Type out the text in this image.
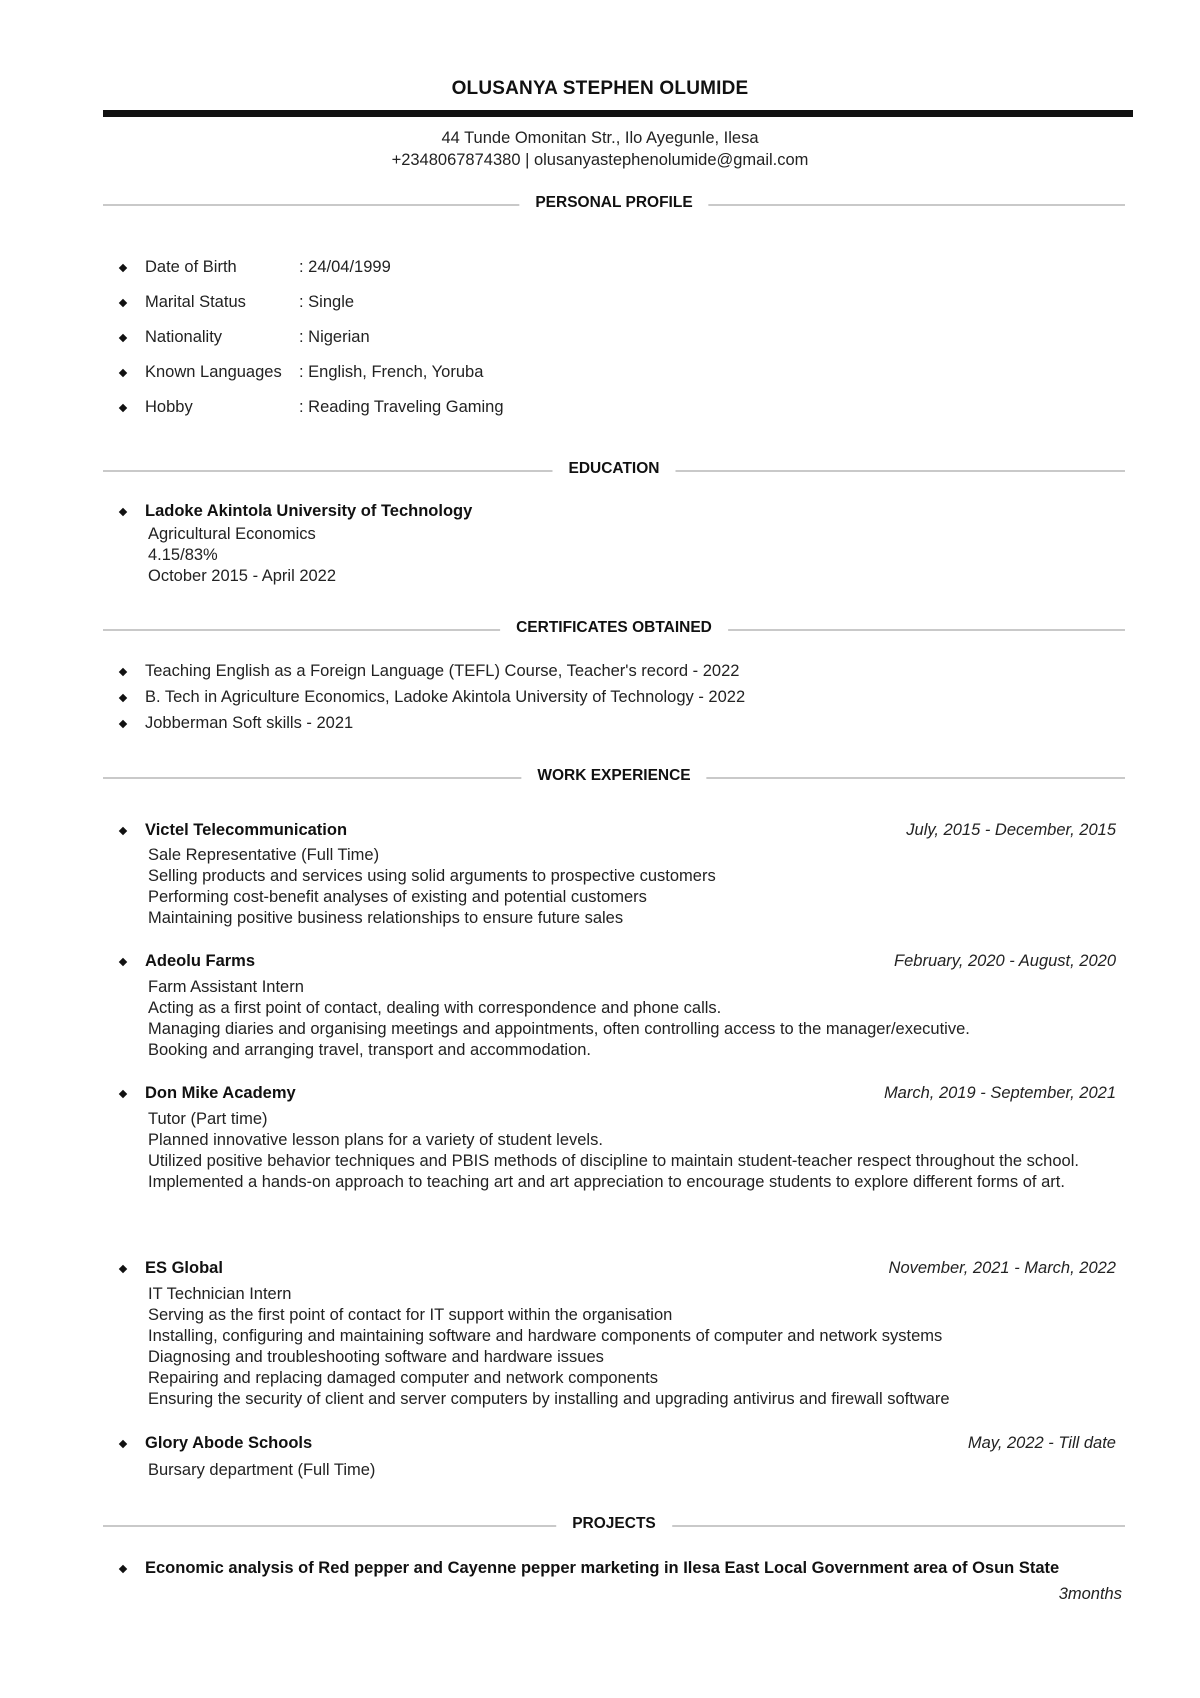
OLUSANYA STEPHEN OLUMIDE
44 Tunde Omonitan Str., Ilo Ayegunle, Ilesa
+2348067874380 | olusanyastephenolumide@gmail.com
PERSONAL PROFILE
Date of Birth	: 24/04/1999
Marital Status	: Single
Nationality	: Nigerian
Known Languages : English, French, Yoruba
Hobby	: Reading Traveling Gaming
EDUCATION
Ladoke Akintola University of Technology
Agricultural Economics
4.15/83%
October 2015 - April 2022
CERTIFICATES OBTAINED
Teaching English as a Foreign Language (TEFL) Course, Teacher's record - 2022
B. Tech in Agriculture Economics, Ladoke Akintola University of Technology - 2022
Jobberman Soft skills - 2021
WORK EXPERIENCE
Victel Telecommunication	July, 2015 - December, 2015
Sale Representative (Full Time)
Selling products and services using solid arguments to prospective customers
Performing cost-benefit analyses of existing and potential customers
Maintaining positive business relationships to ensure future sales
Adeolu Farms	February, 2020 - August, 2020
Farm Assistant Intern
Acting as a first point of contact, dealing with correspondence and phone calls.
Managing diaries and organising meetings and appointments, often controlling access to the manager/executive.
Booking and arranging travel, transport and accommodation.
Don Mike Academy	March, 2019 - September, 2021
Tutor (Part time)
Planned innovative lesson plans for a variety of student levels.
Utilized positive behavior techniques and PBIS methods of discipline to maintain student-teacher respect throughout the school.
Implemented a hands-on approach to teaching art and art appreciation to encourage students to explore different forms of art.
ES Global	November, 2021 - March, 2022
IT Technician Intern
Serving as the first point of contact for IT support within the organisation
Installing, configuring and maintaining software and hardware components of computer and network systems
Diagnosing and troubleshooting software and hardware issues
Repairing and replacing damaged computer and network components
Ensuring the security of client and server computers by installing and upgrading antivirus and firewall software
Glory Abode Schools	May, 2022 - Till date
Bursary department (Full Time)
PROJECTS
Economic analysis of Red pepper and Cayenne pepper marketing in Ilesa East Local Government area of Osun State
3months
